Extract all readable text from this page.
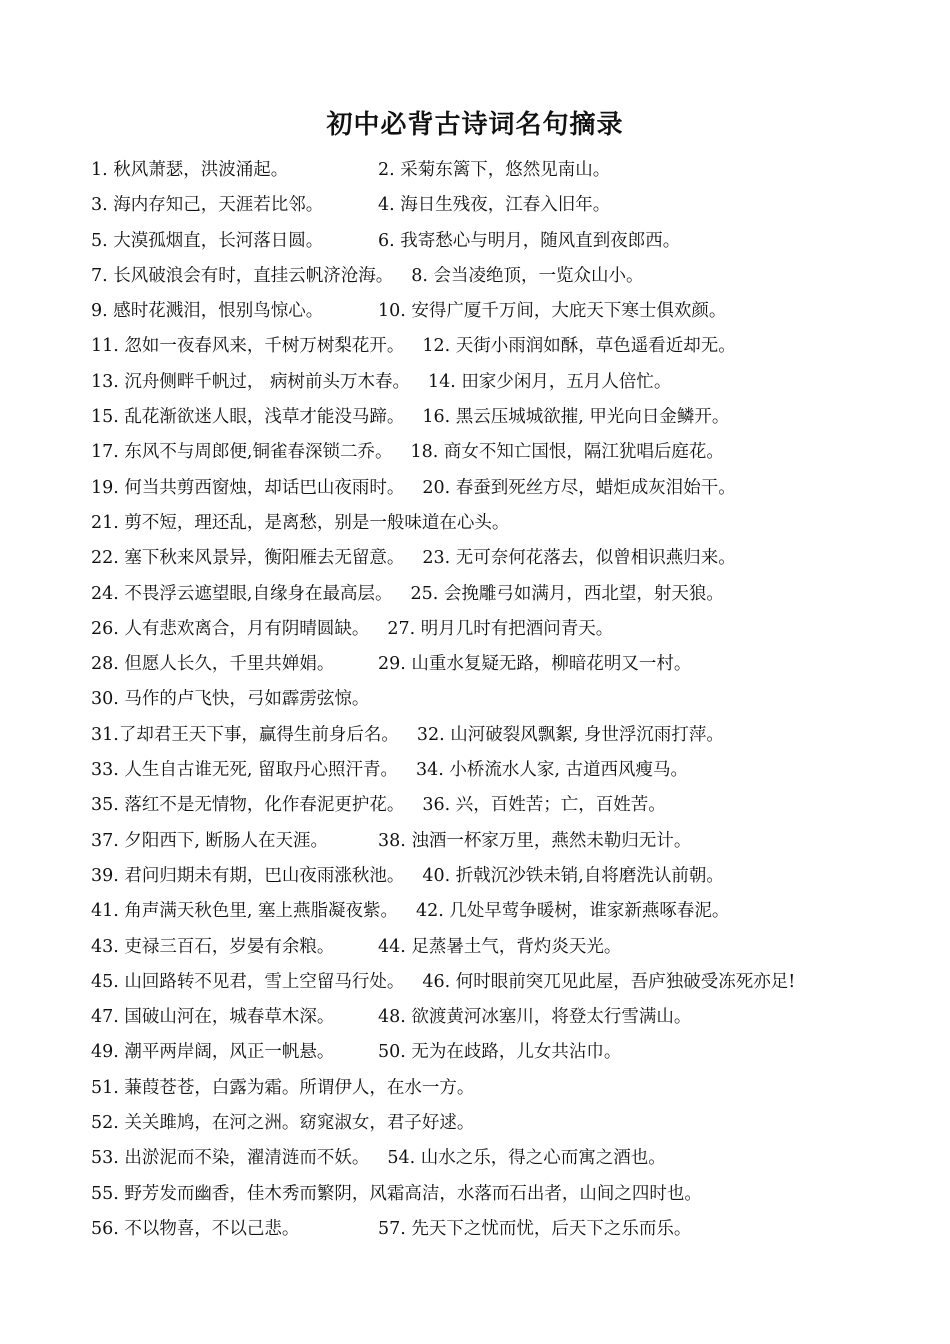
初中必背古诗词名句摘录
1. 秋风萧瑟，洪波涌起。	2. 采菊东篱下，悠然见南山。
3. 海内存知己，天涯若比邻。	4. 海日生残夜，江春入旧年。
5. 大漠孤烟直，长河落日圆。	6. 我寄愁心与明月，随风直到夜郎西。
7. 长风破浪会有时，直挂云帆济沧海。 8. 会当凌绝顶，一览众山小。
9. 感时花溅泪，恨别鸟惊心。	10. 安得广厦千万间，大庇天下寒士俱欢颜。
11. 忽如一夜春风来，千树万树梨花开。 12. 天街小雨润如酥，草色遥看近却无。
13. 沉舟侧畔千帆过， 病树前头万木春。 14. 田家少闲月，五月人倍忙。
15. 乱花渐欲迷人眼，浅草才能没马蹄。 16. 黑云压城城欲摧, 甲光向日金鳞开。
17. 东风不与周郎便,铜雀春深锁二乔。 18. 商女不知亡国恨，隔江犹唱后庭花。
19. 何当共剪西窗烛，却话巴山夜雨时。 20. 春蚕到死丝方尽，蜡炬成灰泪始干。
21. 剪不短，理还乱，是离愁，别是一般味道在心头。
22. 塞下秋来风景异，衡阳雁去无留意。 23. 无可奈何花落去，似曾相识燕归来。
24. 不畏浮云遮望眼,自缘身在最高层。 25. 会挽雕弓如满月，西北望，射天狼。
26. 人有悲欢离合，月有阴晴圆缺。 27. 明月几时有把酒问青天。
28. 但愿人长久，千里共婵娟。 29. 山重水复疑无路，柳暗花明又一村。
30. 马作的卢飞快，弓如霹雳弦惊。
31.了却君王天下事，赢得生前身后名。 32. 山河破裂风飘絮, 身世浮沉雨打萍。
33. 人生自古谁无死, 留取丹心照汗青。 34. 小桥流水人家, 古道西风瘦马。
35. 落红不是无情物，化作春泥更护花。 36. 兴，百姓苦；亡，百姓苦。
37. 夕阳西下, 断肠人在天涯。	38. 浊酒一杯家万里，燕然未勒归无计。
39. 君问归期未有期，巴山夜雨涨秋池。 40. 折戟沉沙铁未销,自将磨洗认前朝。
41. 角声满天秋色里, 塞上燕脂凝夜紫。 42. 几处早莺争暖树，谁家新燕啄春泥。
43. 吏禄三百石，岁晏有余粮。 44. 足蒸暑土气，背灼炎天光。
45. 山回路转不见君，雪上空留马行处。 46. 何时眼前突兀见此屋，吾庐独破受冻死亦足!
47. 国破山河在，城春草木深。 48. 欲渡黄河冰塞川，将登太行雪满山。
49. 潮平两岸阔，风正一帆悬。 50. 无为在歧路，儿女共沾巾。
51. 蒹葭苍苍，白露为霜。所谓伊人，在水一方。
52. 关关雎鸠，在河之洲。窈窕淑女，君子好逑。
53. 出淤泥而不染，濯清涟而不妖。 54. 山水之乐，得之心而寓之酒也。
55. 野芳发而幽香，佳木秀而繁阴，风霜高洁，水落而石出者，山间之四时也。
56. 不以物喜，不以己悲。	57. 先天下之忧而忧，后天下之乐而乐。
